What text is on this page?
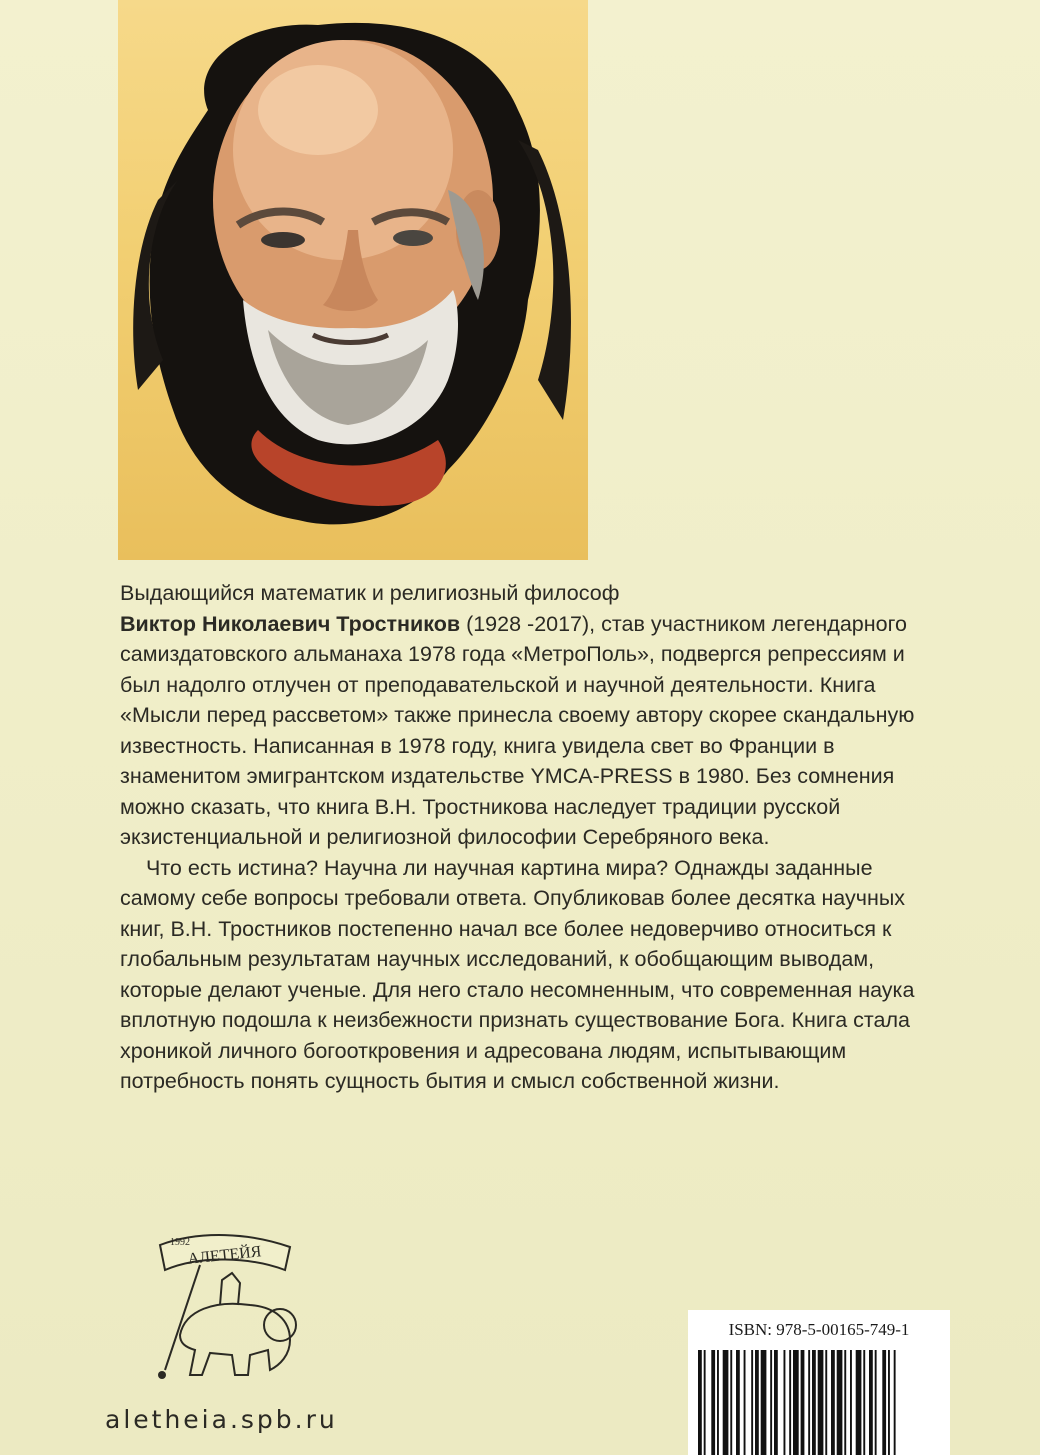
Выдающийся математик и религиозный философ
Виктор Николаевич Тростников (1928 -2017), став участником легендарного самиздатовского альманаха 1978 года «МетроПоль», подвергся репрессиям и был надолго отлучен от преподавательской и научной деятельности. Книга «Мысли перед рассветом» также принесла своему автору скорее скандальную известность. Написанная в 1978 году, книга увидела свет во Франции в знаменитом эмигрантском издательстве YMCA-PRESS в 1980. Без сомнения можно сказать, что книга В.Н. Тростникова наследует традиции русской экзистенциальной и религиозной философии Серебряного века.

Что есть истина? Научна ли научная картина мира? Однажды заданные самому себе вопросы требовали ответа. Опубликовав более десятка научных книг, В.Н. Тростников постепенно начал все более недоверчиво относиться к глобальным результатам научных исследований, к обобщающим выводам, которые делают ученые. Для него стало несомненным, что современная наука вплотную подошла к неизбежности признать существование Бога. Книга стала хроникой личного богооткровения и адресована людям, испытывающим потребность понять сущность бытия и смысл собственной жизни.

АЛЕТЕЙЯ
1992
aletheia.spb.ru
ISBN: 978-5-00165-749-1
